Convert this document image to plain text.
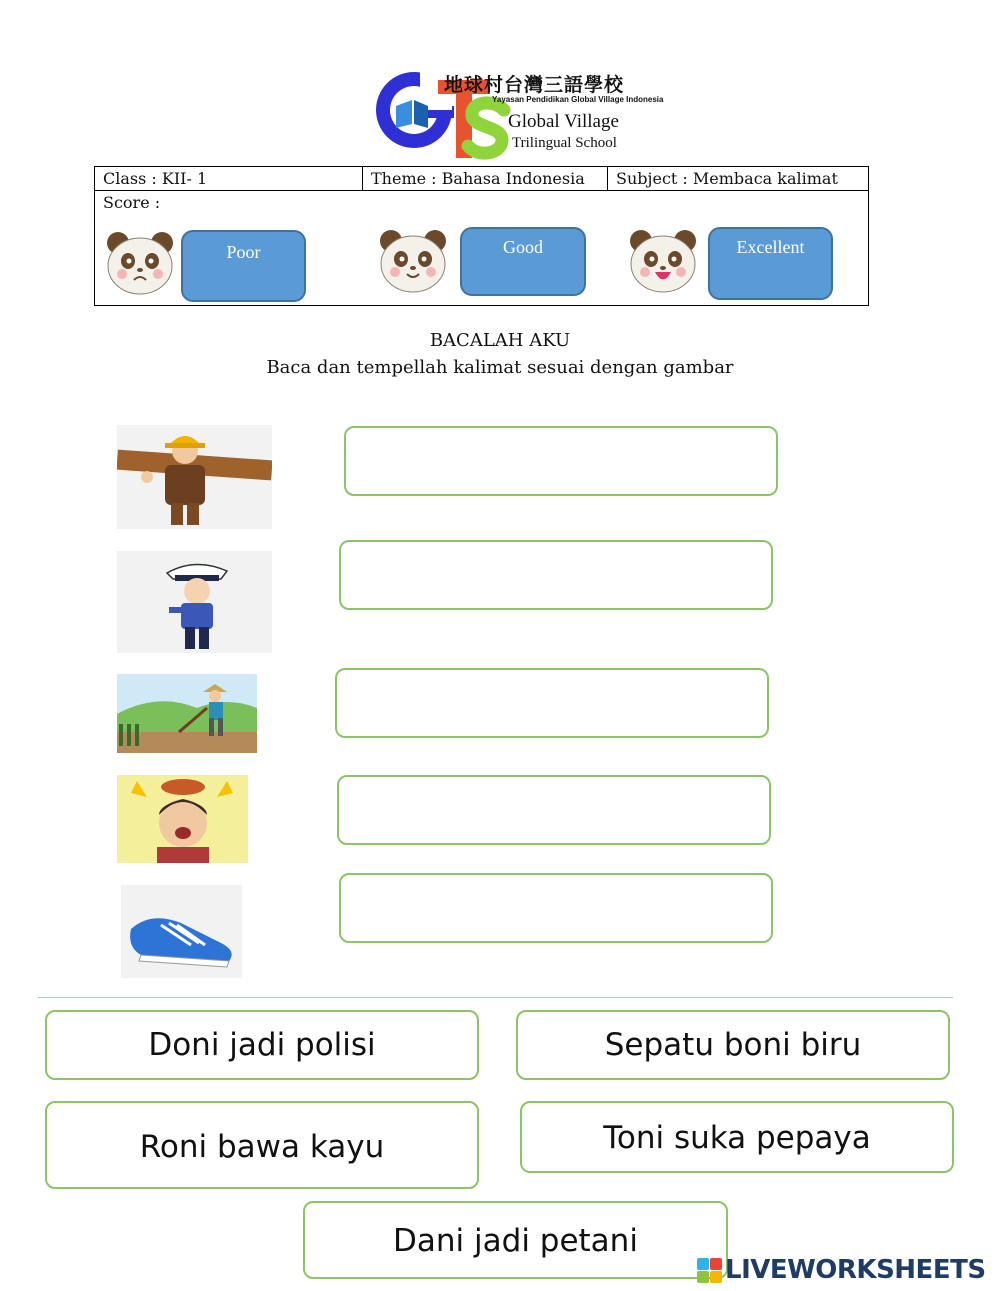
地球村台灣三語學校
Yayasan Pendidikan Global Village Indonesia
Global Village
Trilingual School
Class : KII- 1	Theme : Bahasa Indonesia	Subject : Membaca kalimat
Score :
Poor	Good	Excellent
BACALAH AKU
Baca dan tempellah kalimat sesuai dengan gambar
Doni jadi polisi	Sepatu boni biru
Roni bawa kayu	Toni suka pepaya
Dani jadi petani
LIVEWORKSHEETS
